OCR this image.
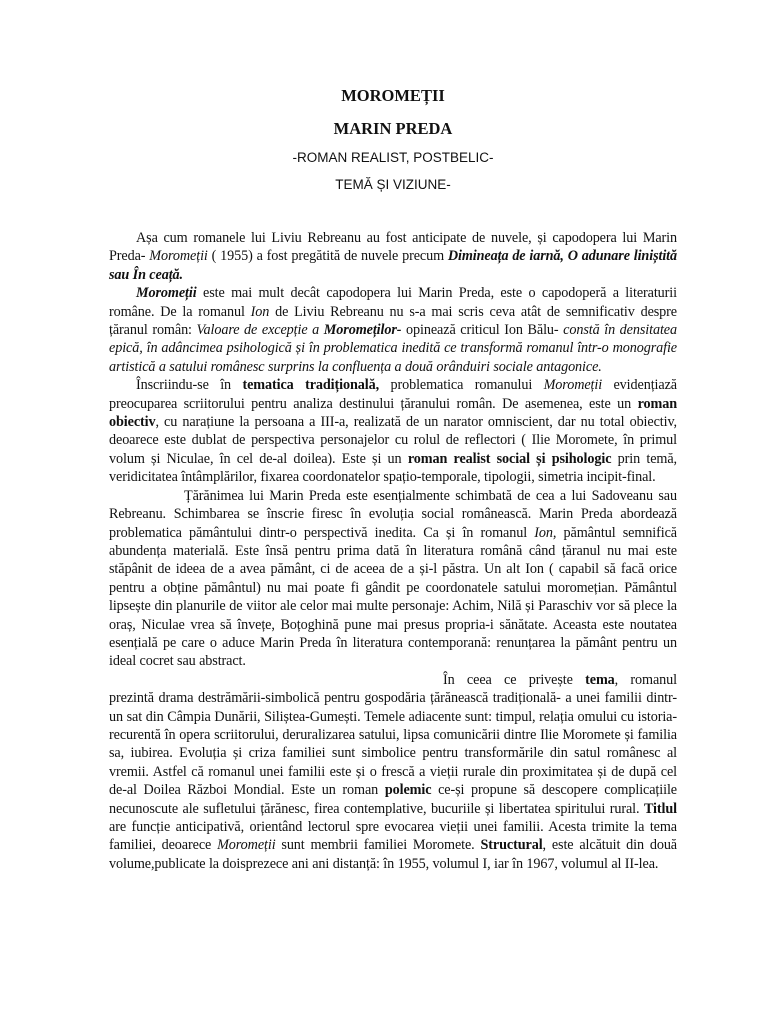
MOROMEȚII
MARIN PREDA

-ROMAN REALIST, POSTBELIC-

TEMĂ ȘI VIZIUNE-

Așa cum romanele lui Liviu Rebreanu au fost anticipate de nuvele, și capodopera lui Marin Preda- Moromeții ( 1955) a fost pregătită de nuvele precum Dimineața de iarnă, O adunare liniștită sau În ceață.

Moromeții este mai mult decât capodopera lui Marin Preda, este o capodoperă a literaturii române. De la romanul Ion de Liviu Rebreanu nu s-a mai scris ceva atât de semnificativ despre țăranul român: Valoare de excepție a Moromeților- opinează criticul Ion Bălu- constă în densitatea epică, în adâncimea psihologică și în problematica inedită ce transformă romanul într-o monografie artistică a satului românesc surprins la confluența a două orânduiri sociale antagonice.

Înscriindu-se în tematica tradițională, problematica romanului Moromeții evidențiază preocuparea scriitorului pentru analiza destinului țăranului român. De asemenea, este un roman obiectiv, cu narațiune la persoana a III-a, realizată de un narator omniscient, dar nu total obiectiv, deoarece este dublat de perspectiva personajelor cu rolul de reflectori ( Ilie Moromete, în primul volum și Niculae, în cel de-al doilea). Este și un roman realist social și psihologic prin temă, veridicitatea întâmplărilor, fixarea coordonatelor spațio-temporale, tipologii, simetria incipit-final.

Țărănimea lui Marin Preda este esențialmente schimbată de cea a lui Sadoveanu sau Rebreanu. Schimbarea se înscrie firesc în evoluția social românească. Marin Preda abordează problematica pământului dintr-o perspectivă inedita. Ca și în romanul Ion, pământul semnifică abundența materială. Este însă pentru prima dată în literatura română când țăranul nu mai este stăpânit de ideea de a avea pământ, ci de aceea de a și-l păstra. Un alt Ion ( capabil să facă orice pentru a obține pământul) nu mai poate fi gândit pe coordonatele satului moromețian. Pământul lipsește din planurile de viitor ale celor mai multe personaje: Achim, Nilă și Paraschiv vor să plece la oraș, Niculae vrea să învețe, Boțoghină pune mai presus propria-i sănătate. Aceasta este noutatea esențială pe care o aduce Marin Preda în literatura contemporană: renunțarea la pământ pentru un ideal cocret sau abstract.

În ceea ce privește tema, romanul prezintă drama destrămării-simbolică pentru gospodăria țărănească tradițională- a unei familii dintr-un sat din Câmpia Dunării, Siliștea-Gumești. Temele adiacente sunt: timpul, relația omului cu istoria- recurentă în opera scriitorului, deruralizarea satului, lipsa comunicării dintre Ilie Moromete și familia sa, iubirea. Evoluția și criza familiei sunt simbolice pentru transformările din satul românesc al vremii. Astfel că romanul unei familii este și o frescă a vieții rurale din proximitatea și de după cel de-al Doilea Război Mondial. Este un roman polemic ce-și propune să descopere complicațiile necunoscute ale sufletului țărănesc, firea contemplative, bucuriile și libertatea spiritului rural. Titlul are funcție anticipativă, orientând lectorul spre evocarea vieții unei familii. Acesta trimite la tema familiei, deoarece Moromeții sunt membrii familiei Moromete. Structural, este alcătuit din două volume,publicate la doisprezece ani ani distanță: în 1955, volumul I, iar în 1967, volumul al II-lea.
